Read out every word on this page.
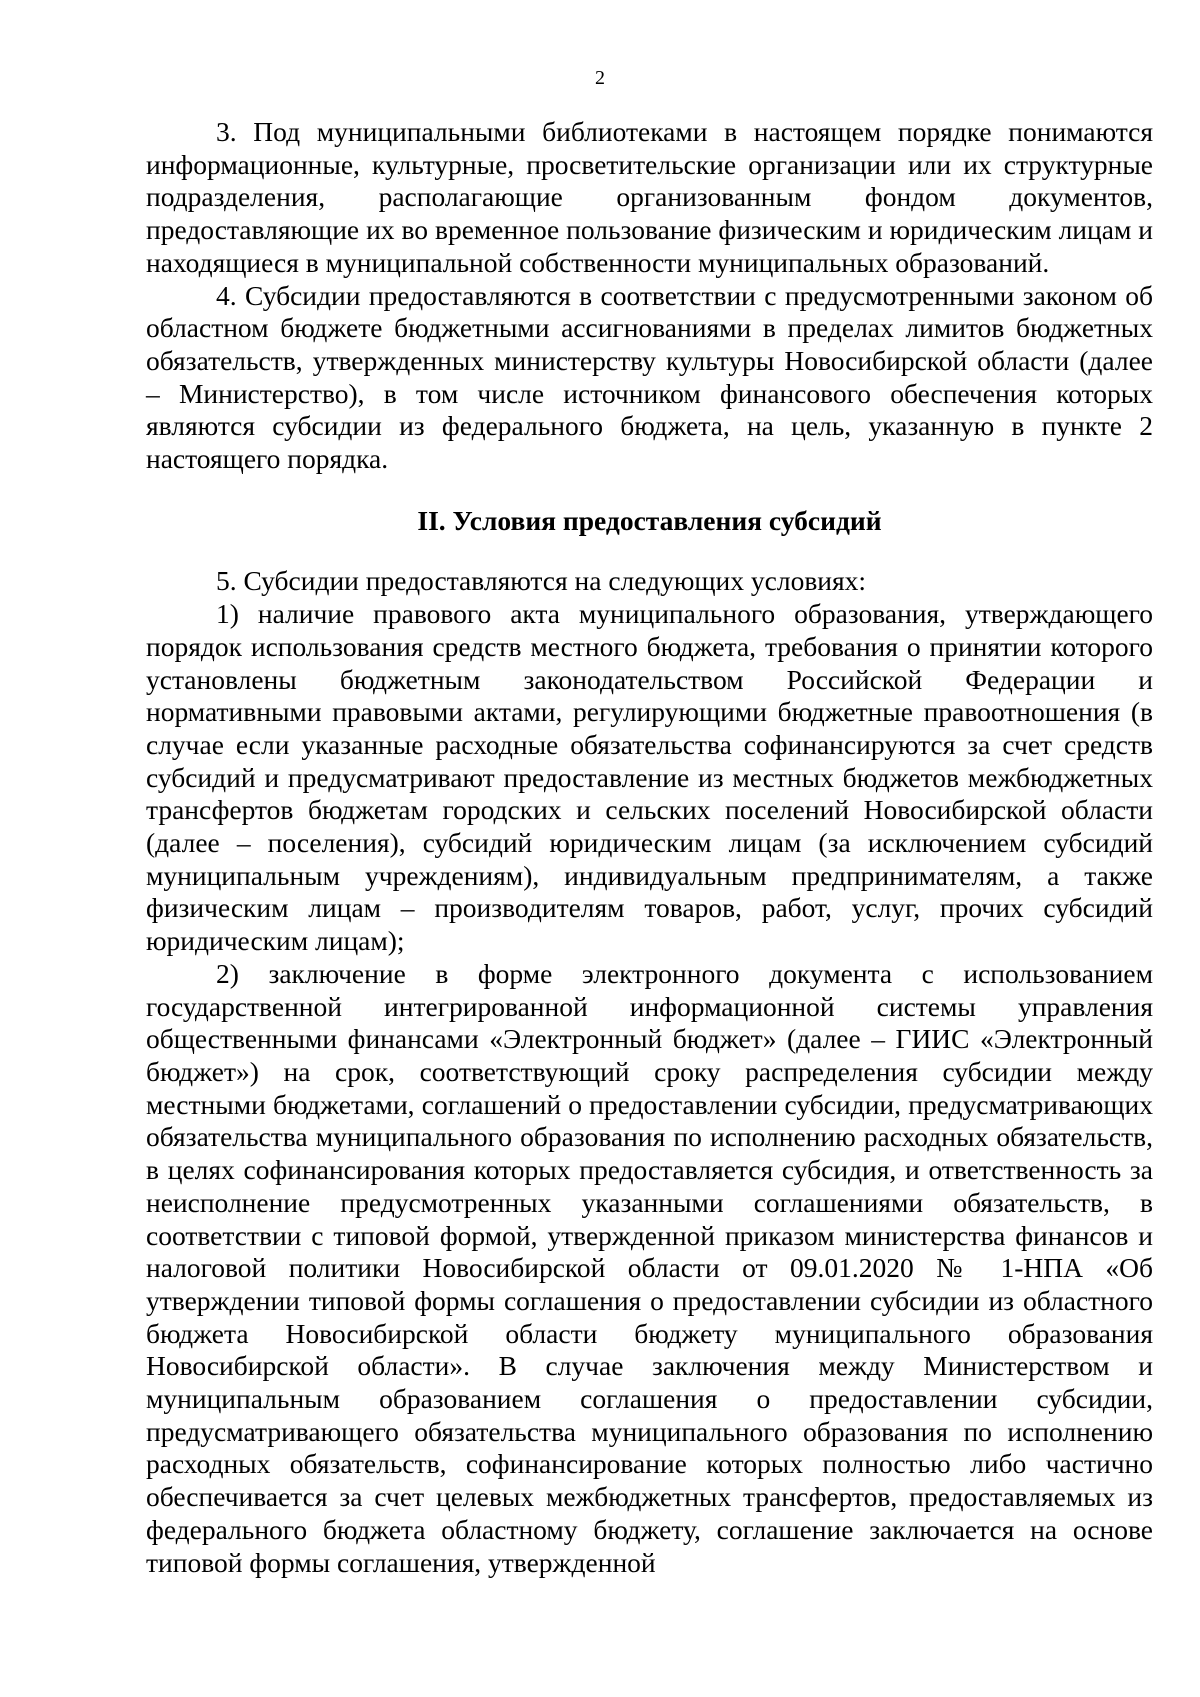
2

3. Под муниципальными библиотеками в настоящем порядке понимаются информационные, культурные, просветительские организации или их структурные подразделения, располагающие организованным фондом документов, предоставляющие их во временное пользование физическим и юридическим лицам и находящиеся в муниципальной собственности муниципальных образований.

4. Субсидии предоставляются в соответствии с предусмотренными законом об областном бюджете бюджетными ассигнованиями в пределах лимитов бюджетных обязательств, утвержденных министерству культуры Новосибирской области (далее – Министерство), в том числе источником финансового обеспечения которых являются субсидии из федерального бюджета, на цель, указанную в пункте 2 настоящего порядка.

II. Условия предоставления субсидий

5. Субсидии предоставляются на следующих условиях:

1) наличие правового акта муниципального образования, утверждающего порядок использования средств местного бюджета, требования о принятии которого установлены бюджетным законодательством Российской Федерации и нормативными правовыми актами, регулирующими бюджетные правоотношения (в случае если указанные расходные обязательства софинансируются за счет средств субсидий и предусматривают предоставление из местных бюджетов межбюджетных трансфертов бюджетам городских и сельских поселений Новосибирской области (далее – поселения), субсидий юридическим лицам (за исключением субсидий муниципальным учреждениям), индивидуальным предпринимателям, а также физическим лицам – производителям товаров, работ, услуг, прочих субсидий юридическим лицам);

2) заключение в форме электронного документа с использованием государственной интегрированной информационной системы управления общественными финансами «Электронный бюджет» (далее – ГИИС «Электронный бюджет») на срок, соответствующий сроку распределения субсидии между местными бюджетами, соглашений о предоставлении субсидии, предусматривающих обязательства муниципального образования по исполнению расходных обязательств, в целях софинансирования которых предоставляется субсидия, и ответственность за неисполнение предусмотренных указанными соглашениями обязательств, в соответствии с типовой формой, утвержденной приказом министерства финансов и налоговой политики Новосибирской области от 09.01.2020 № 1-НПА «Об утверждении типовой формы соглашения о предоставлении субсидии из областного бюджета Новосибирской области бюджету муниципального образования Новосибирской области». В случае заключения между Министерством и муниципальным образованием соглашения о предоставлении субсидии, предусматривающего обязательства муниципального образования по исполнению расходных обязательств, софинансирование которых полностью либо частично обеспечивается за счет целевых межбюджетных трансфертов, предоставляемых из федерального бюджета областному бюджету, соглашение заключается на основе типовой формы соглашения, утвержденной
